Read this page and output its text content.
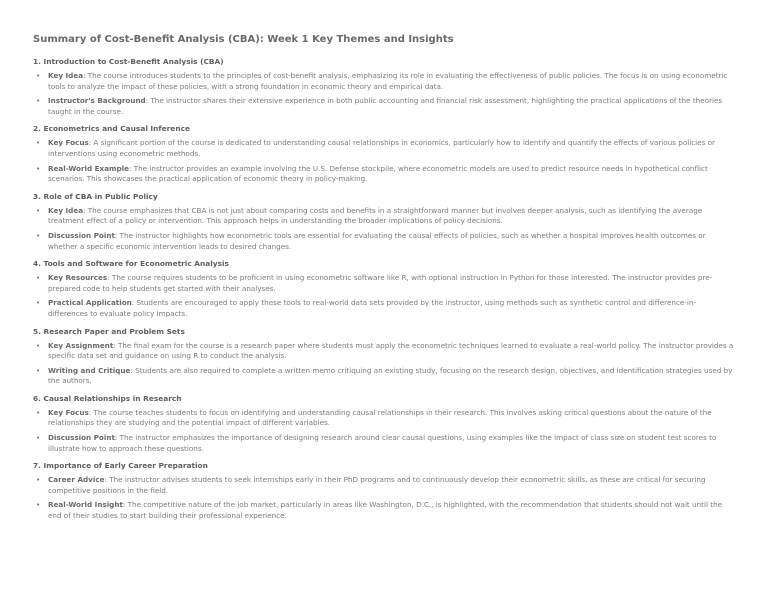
Summary of Cost-Benefit Analysis (CBA): Week 1 Key Themes and Insights
1. Introduction to Cost-Benefit Analysis (CBA)
• Key Idea: The course introduces students to the principles of cost-benefit analysis, emphasizing its role in evaluating the effectiveness of public policies. The focus is on using econometric tools to analyze the impact of these policies, with a strong foundation in economic theory and empirical data.
• Instructor's Background: The instructor shares their extensive experience in both public accounting and financial risk assessment, highlighting the practical applications of the theories taught in the course.
2. Econometrics and Causal Inference
• Key Focus: A significant portion of the course is dedicated to understanding causal relationships in economics, particularly how to identify and quantify the effects of various policies or interventions using econometric methods.
• Real-World Example: The instructor provides an example involving the U.S. Defense stockpile, where econometric models are used to predict resource needs in hypothetical conflict scenarios. This showcases the practical application of economic theory in policy-making.
3. Role of CBA in Public Policy
• Key Idea: The course emphasizes that CBA is not just about comparing costs and benefits in a straightforward manner but involves deeper analysis, such as identifying the average treatment effect of a policy or intervention. This approach helps in understanding the broader implications of policy decisions.
• Discussion Point: The instructor highlights how econometric tools are essential for evaluating the causal effects of policies, such as whether a hospital improves health outcomes or whether a specific economic intervention leads to desired changes.
4. Tools and Software for Econometric Analysis
• Key Resources: The course requires students to be proficient in using econometric software like R, with optional instruction in Python for those interested. The instructor provides pre-prepared code to help students get started with their analyses.
• Practical Application: Students are encouraged to apply these tools to real-world data sets provided by the instructor, using methods such as synthetic control and difference-in-differences to evaluate policy impacts.
5. Research Paper and Problem Sets
• Key Assignment: The final exam for the course is a research paper where students must apply the econometric techniques learned to evaluate a real-world policy. The instructor provides a specific data set and guidance on using R to conduct the analysis.
• Writing and Critique: Students are also required to complete a written memo critiquing an existing study, focusing on the research design, objectives, and identification strategies used by the authors.
6. Causal Relationships in Research
• Key Focus: The course teaches students to focus on identifying and understanding causal relationships in their research. This involves asking critical questions about the nature of the relationships they are studying and the potential impact of different variables.
• Discussion Point: The instructor emphasizes the importance of designing research around clear causal questions, using examples like the impact of class size on student test scores to illustrate how to approach these questions.
7. Importance of Early Career Preparation
• Career Advice: The instructor advises students to seek internships early in their PhD programs and to continuously develop their econometric skills, as these are critical for securing competitive positions in the field.
• Real-World Insight: The competitive nature of the job market, particularly in areas like Washington, D.C., is highlighted, with the recommendation that students should not wait until the end of their studies to start building their professional experience.
